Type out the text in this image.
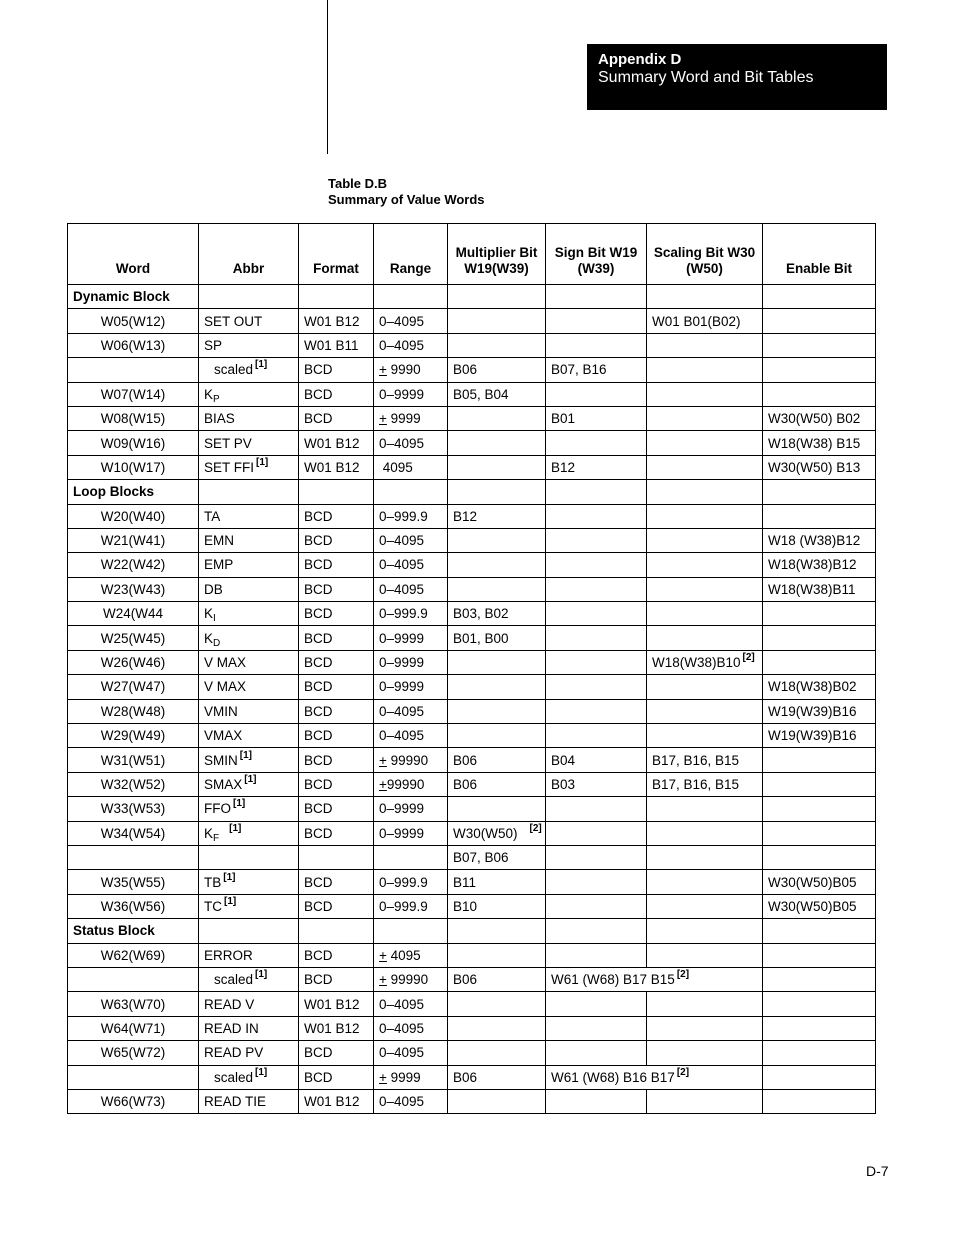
Appendix D
Summary Word and Bit Tables
Table D.B
Summary of Value Words
Word	Abbr	Format	Range	Multiplier Bit W19(W39)	Sign Bit W19 (W39)	Scaling Bit W30 (W50)	Enable Bit
Dynamic Block							
W05(W12)	SET OUT	W01 B12	0–4095			W01 B01(B02)	
W06(W13)	SP	W01 B11	0–4095				
	scaled [1]	BCD	+ 9990	B06	B07, B16		
W07(W14)	$K_P$	BCD	0–9999	B05, B04			
W08(W15)	BIAS	BCD	+ 9999		B01		W30(W50) B02
W09(W16)	SET PV	W01 B12	0–4095				W18(W38) B15
W10(W17)	SET FFI [1]	W01 B12	4095		B12		W30(W50) B13
Loop Blocks							
W20(W40)	TA	BCD	0–999.9	B12			
W21(W41)	EMN	BCD	0–4095				W18 (W38)B12
W22(W42)	EMP	BCD	0–4095				W18(W38)B12
W23(W43)	DB	BCD	0–4095				W18(W38)B11
W24(W44	$K_I$	BCD	0–999.9	B03, B02			
W25(W45)	$K_D$	BCD	0–9999	B01, B00			
W26(W46)	V MAX	BCD	0–9999			W18(W38)B10 [2]	
W27(W47)	V MAX	BCD	0–9999				W18(W38)B02
W28(W48)	VMIN	BCD	0–4095				W19(W39)B16
W29(W49)	VMAX	BCD	0–4095				W19(W39)B16
W31(W51)	SMIN [1]	BCD	+ 99990	B06	B04	B17, B16, B15	
W32(W52)	SMAX [1]	BCD	+99990	B06	B03	B17, B16, B15	
W33(W53)	FFO [1]	BCD	0–9999				
W34(W54)	$K_F[1]$	BCD	0–9999	W30(W50) [2]			
				B07, B06			
W35(W55)	TB [1]	BCD	0–999.9	B11			W30(W50)B05
W36(W56)	TC [1]	BCD	0–999.9	B10			W30(W50)B05
Status Block							
W62(W69)	ERROR	BCD	+ 4095				
	scaled [1]	BCD	+ 99990	B06	W61 (W68) B17 B15 [2]	
W63(W70)	READ V	W01 B12	0–4095				
W64(W71)	READ IN	W01 B12	0–4095				
W65(W72)	READ PV	BCD	0–4095				
	scaled [1]	BCD	+ 9999	B06	W61 (W68) B16 B17 [2]	
W66(W73)	READ TIE	W01 B12	0–4095				
D-7
